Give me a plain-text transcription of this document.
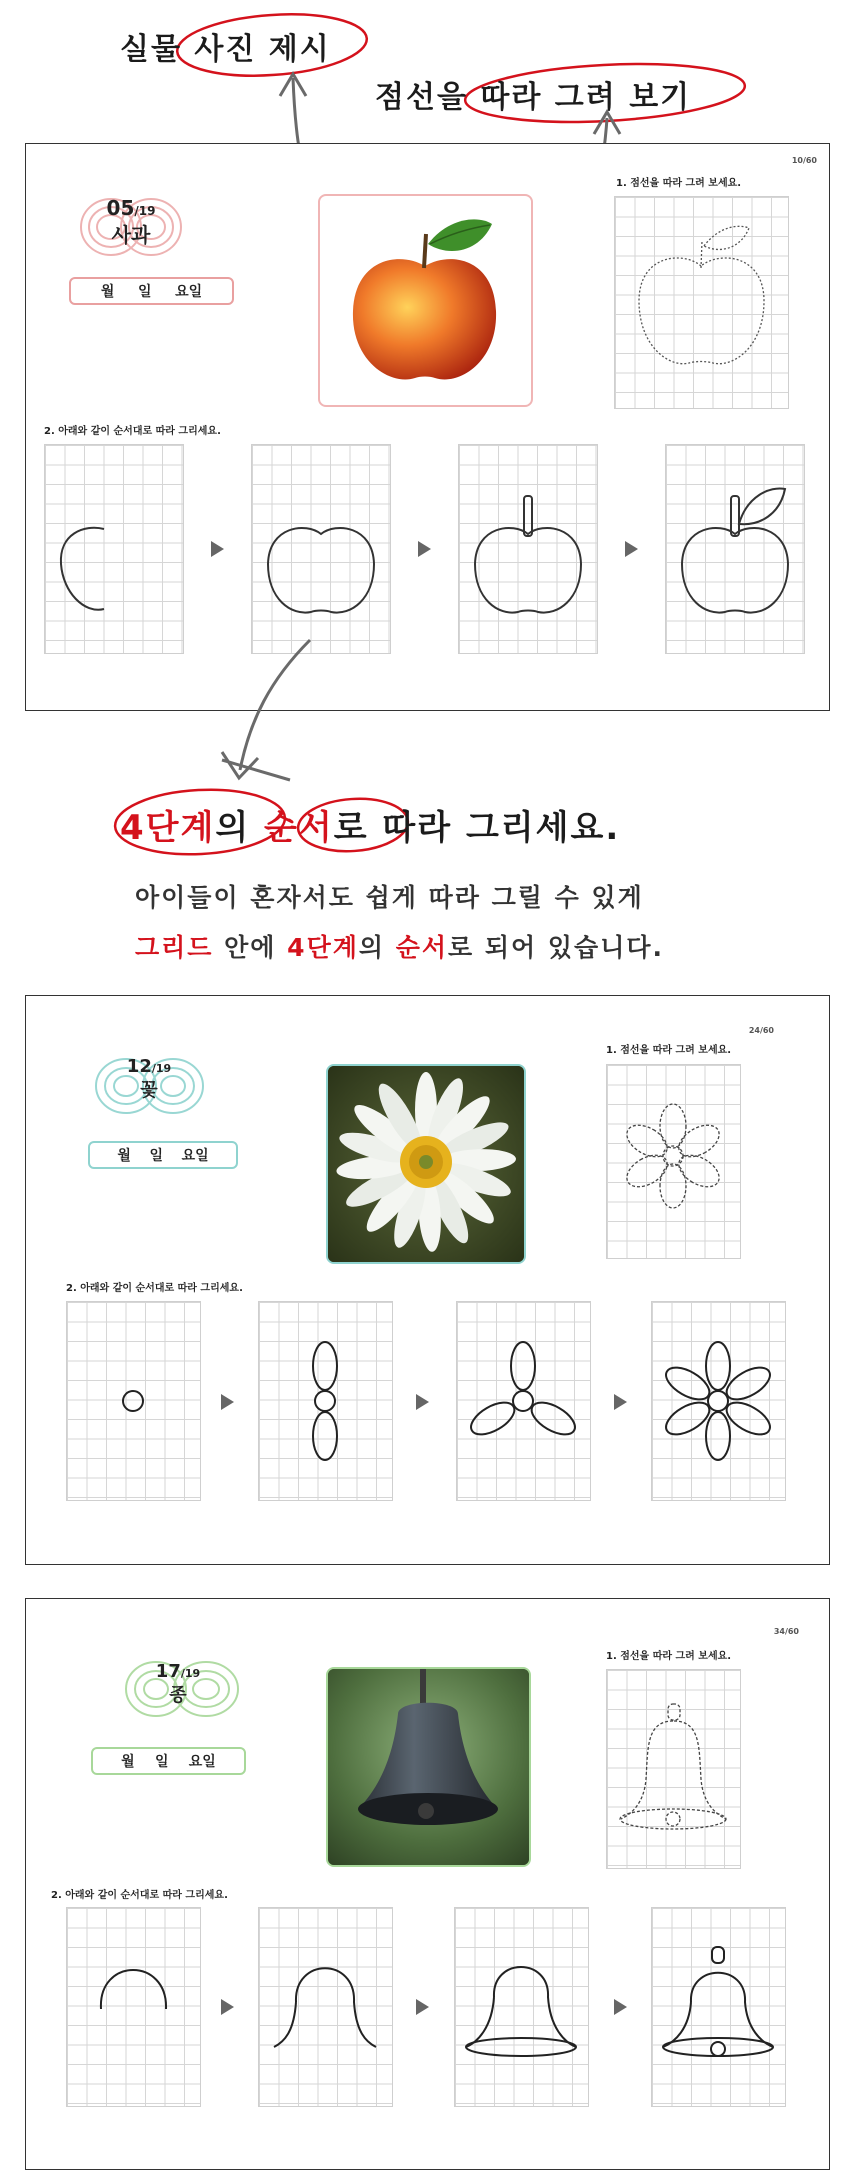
실물 사진 제시
점선을 따라 그려 보기
10/60
05/19
사과
월 일 요일
1. 점선을 따라 그려 보세요.
2. 아래와 같이 순서대로 따라 그리세요.
4단계의 순서로 따라 그리세요.
아이들이 혼자서도 쉽게 따라 그릴 수 있게
그리드 안에 4단계의 순서로 되어 있습니다.
24/60
12/19
꽃
월 일 요일
1. 점선을 따라 그려 보세요.
2. 아래와 같이 순서대로 따라 그리세요.
34/60
17/19
종
월 일 요일
1. 점선을 따라 그려 보세요.
2. 아래와 같이 순서대로 따라 그리세요.
